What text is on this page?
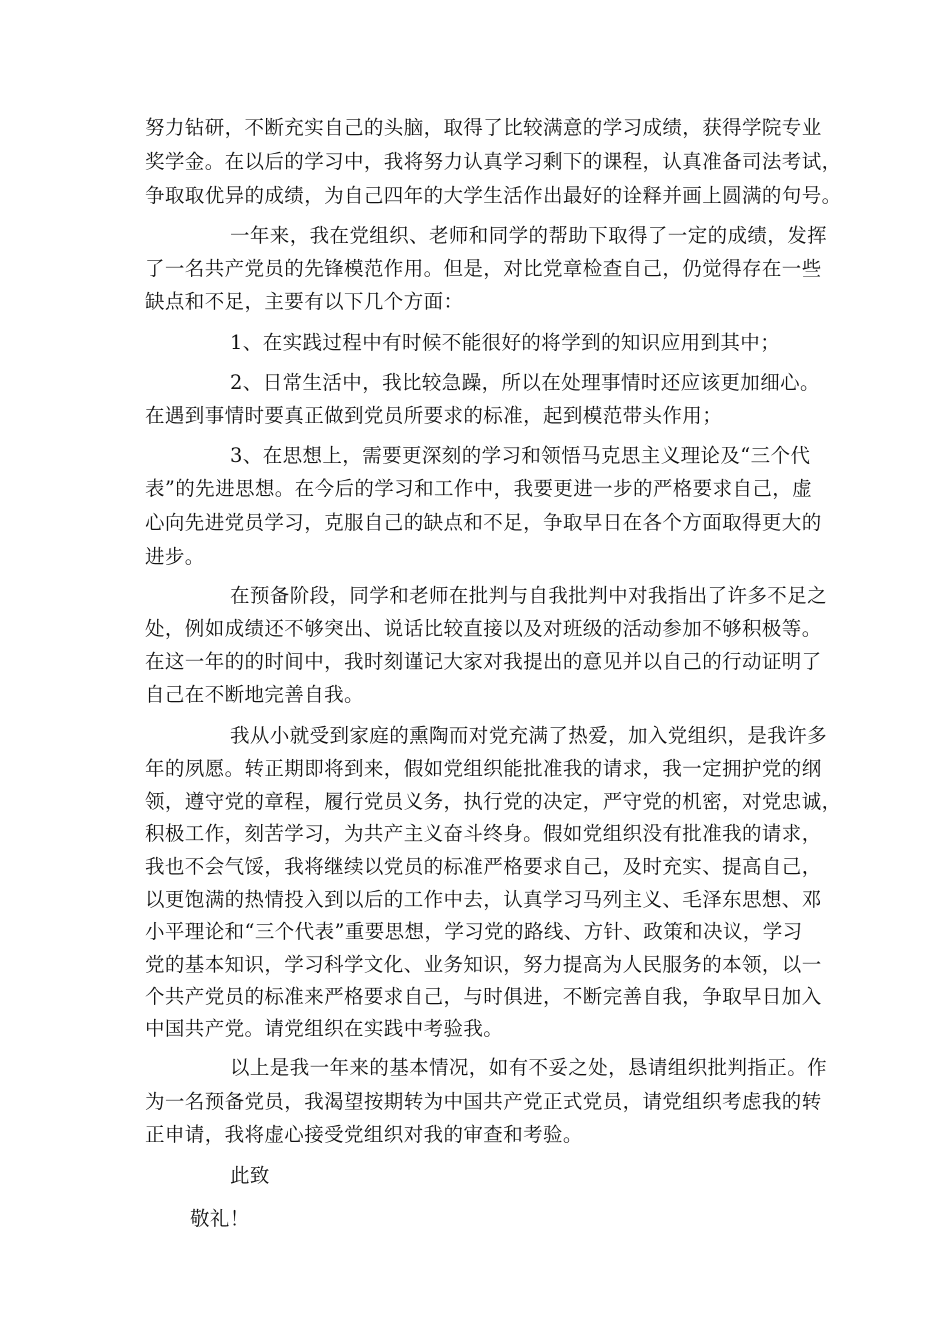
努力钻研，不断充实自己的头脑，取得了比较满意的学习成绩，获得学院专业
奖学金。在以后的学习中，我将努力认真学习剩下的课程，认真准备司法考试，
争取取优异的成绩，为自己四年的大学生活作出最好的诠释并画上圆满的句号。
一年来，我在党组织、老师和同学的帮助下取得了一定的成绩，发挥
了一名共产党员的先锋模范作用。但是，对比党章检查自己，仍觉得存在一些
缺点和不足，主要有以下几个方面：
1、在实践过程中有时候不能很好的将学到的知识应用到其中；
2、日常生活中，我比较急躁，所以在处理事情时还应该更加细心。
在遇到事情时要真正做到党员所要求的标准，起到模范带头作用；
3、在思想上，需要更深刻的学习和领悟马克思主义理论及“三个代
表”的先进思想。在今后的学习和工作中，我要更进一步的严格要求自己，虚
心向先进党员学习，克服自己的缺点和不足，争取早日在各个方面取得更大的
进步。
在预备阶段，同学和老师在批判与自我批判中对我指出了许多不足之
处，例如成绩还不够突出、说话比较直接以及对班级的活动参加不够积极等。
在这一年的的时间中，我时刻谨记大家对我提出的意见并以自己的行动证明了
自己在不断地完善自我。
我从小就受到家庭的熏陶而对党充满了热爱，加入党组织，是我许多
年的夙愿。转正期即将到来，假如党组织能批准我的请求，我一定拥护党的纲
领，遵守党的章程，履行党员义务，执行党的决定，严守党的机密，对党忠诚，
积极工作，刻苦学习，为共产主义奋斗终身。假如党组织没有批准我的请求，
我也不会气馁，我将继续以党员的标准严格要求自己，及时充实、提高自己，
以更饱满的热情投入到以后的工作中去，认真学习马列主义、毛泽东思想、邓
小平理论和“三个代表”重要思想，学习党的路线、方针、政策和决议，学习
党的基本知识，学习科学文化、业务知识，努力提高为人民服务的本领，以一
个共产党员的标准来严格要求自己，与时俱进，不断完善自我，争取早日加入
中国共产党。请党组织在实践中考验我。
以上是我一年来的基本情况，如有不妥之处，恳请组织批判指正。作
为一名预备党员，我渴望按期转为中国共产党正式党员，请党组织考虑我的转
正申请，我将虚心接受党组织对我的审查和考验。
此致
敬礼！
